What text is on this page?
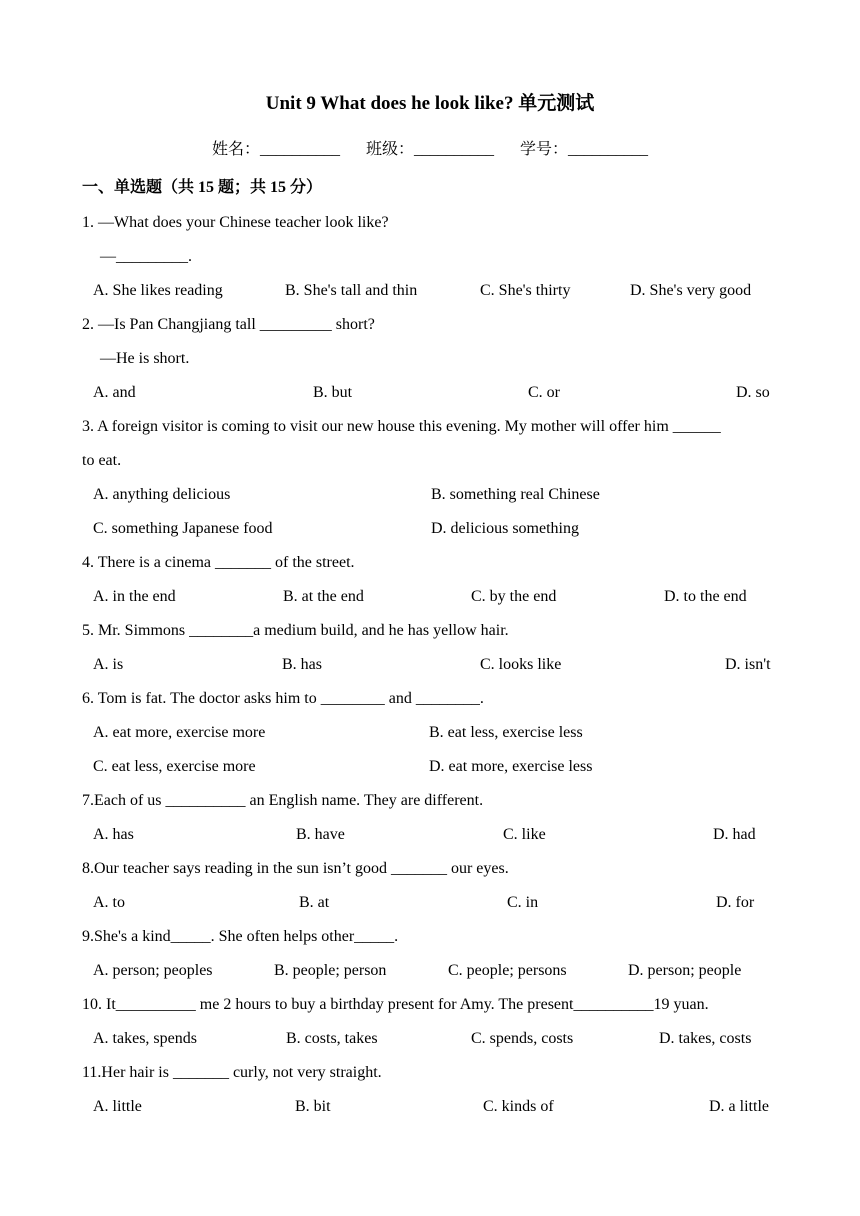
Unit 9 What does he look like? 单元测试
姓名：__________ 班级：__________ 学号：__________
一、单选题（共 15 题；共 15 分）
1. —What does your Chinese teacher look like?
—_________.
A. She likes reading	B. She's tall and thin	C. She's thirty	D. She's very good
2. —Is Pan Changjiang tall _________ short?
—He is short.
A. and	B. but	C. or	D. so
3. A foreign visitor is coming to visit our new house this evening. My mother will offer him ______
to eat.
A. anything delicious	B. something real Chinese
C. something Japanese food	D. delicious something
4. There is a cinema _______ of the street.
A. in the end	B. at the end	C. by the end	D. to the end
5. Mr. Simmons ________a medium build, and he has yellow hair.
A. is	B. has	C. looks like	D. isn't
6. Tom is fat. The doctor asks him to ________ and ________.
A. eat more, exercise more	B. eat less, exercise less
C. eat less, exercise more	D. eat more, exercise less
7.Each of us __________ an English name. They are different.
A. has	B. have	C. like	D. had
8.Our teacher says reading in the sun isn’t good _______ our eyes.
A. to	B. at	C. in	D. for
9.She's a kind_____. She often helps other_____.
A. person; peoples	B. people; person	C. people; persons	D. person; people
10. It__________ me 2 hours to buy a birthday present for Amy. The present__________19 yuan.
A. takes, spends	B. costs, takes	C. spends, costs	D. takes, costs
11.Her hair is _______ curly, not very straight.
A. little	B. bit	C. kinds of	D. a little
